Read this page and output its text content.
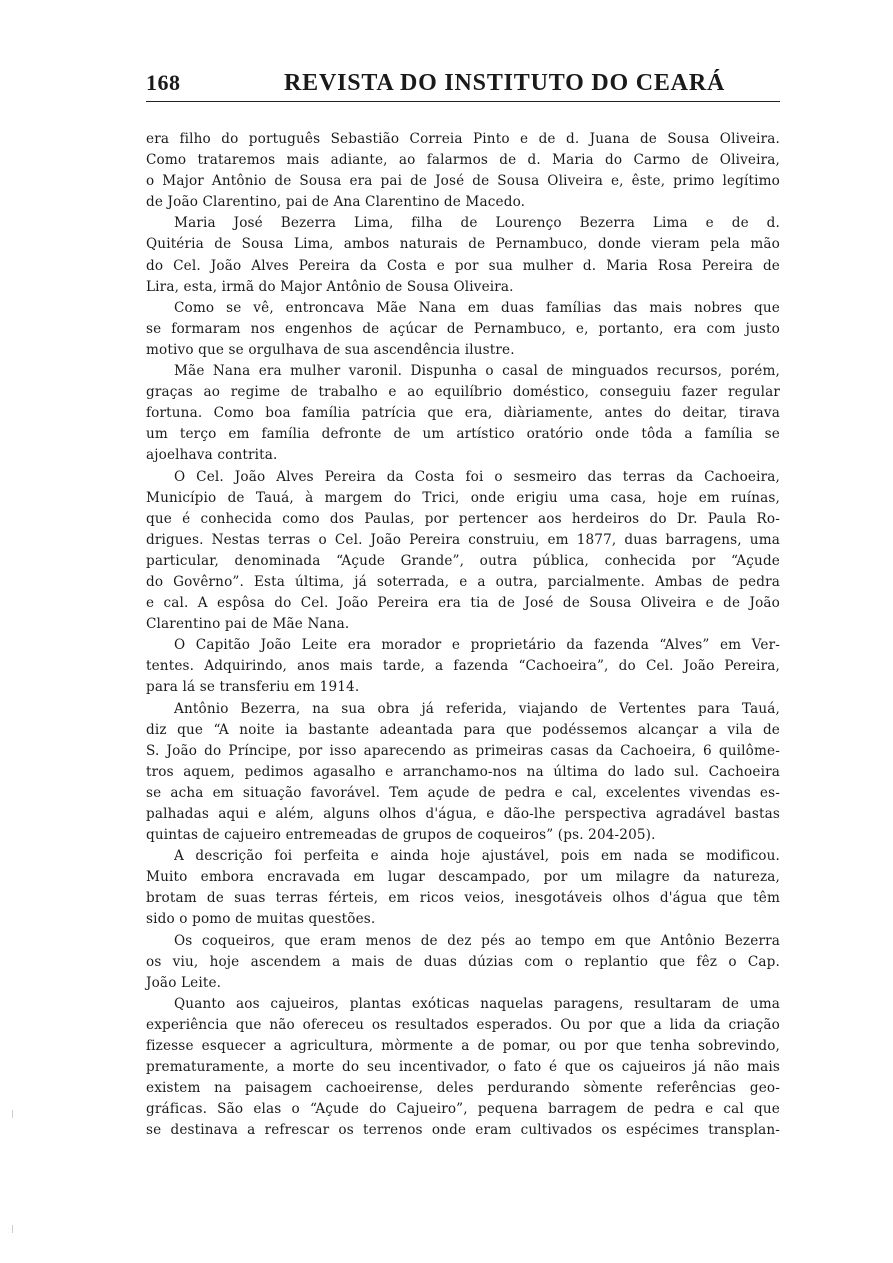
168	REVISTA DO INSTITUTO DO CEARÁ
era filho do português Sebastião Correia Pinto e de d. Juana de Sousa Oliveira.
Como trataremos mais adiante, ao falarmos de d. Maria do Carmo de Oliveira,
o Major Antônio de Sousa era pai de José de Sousa Oliveira e, êste, primo legítimo
de João Clarentino, pai de Ana Clarentino de Macedo.
Maria José Bezerra Lima, filha de Lourenço Bezerra Lima e de d.
Quitéria de Sousa Lima, ambos naturais de Pernambuco, donde vieram pela mão
do Cel. João Alves Pereira da Costa e por sua mulher d. Maria Rosa Pereira de
Lira, esta, irmã do Major Antônio de Sousa Oliveira.
Como se vê, entroncava Mãe Nana em duas famílias das mais nobres que
se formaram nos engenhos de açúcar de Pernambuco, e, portanto, era com justo
motivo que se orgulhava de sua ascendência ilustre.
Mãe Nana era mulher varonil. Dispunha o casal de minguados recursos, porém,
graças ao regime de trabalho e ao equilíbrio doméstico, conseguiu fazer regular
fortuna. Como boa família patrícia que era, diàriamente, antes do deitar, tirava
um terço em família defronte de um artístico oratório onde tôda a família se
ajoelhava contrita.
O Cel. João Alves Pereira da Costa foi o sesmeiro das terras da Cachoeira,
Município de Tauá, à margem do Trici, onde erigiu uma casa, hoje em ruínas,
que é conhecida como dos Paulas, por pertencer aos herdeiros do Dr. Paula Ro-
drigues. Nestas terras o Cel. João Pereira construiu, em 1877, duas barragens, uma
particular, denominada “Açude Grande”, outra pública, conhecida por “Açude
do Govêrno”. Esta última, já soterrada, e a outra, parcialmente. Ambas de pedra
e cal. A espôsa do Cel. João Pereira era tia de José de Sousa Oliveira e de João
Clarentino pai de Mãe Nana.
O Capitão João Leite era morador e proprietário da fazenda “Alves” em Ver-
tentes. Adquirindo, anos mais tarde, a fazenda “Cachoeira”, do Cel. João Pereira,
para lá se transferiu em 1914.
Antônio Bezerra, na sua obra já referida, viajando de Vertentes para Tauá,
diz que “A noite ia bastante adeantada para que podéssemos alcançar a vila de
S. João do Príncipe, por isso aparecendo as primeiras casas da Cachoeira, 6 quilôme-
tros aquem, pedimos agasalho e arranchamo-nos na última do lado sul. Cachoeira
se acha em situação favorável. Tem açude de pedra e cal, excelentes vivendas es-
palhadas aqui e além, alguns olhos d'água, e dão-lhe perspectiva agradável bastas
quintas de cajueiro entremeadas de grupos de coqueiros” (ps. 204-205).
A descrição foi perfeita e ainda hoje ajustável, pois em nada se modificou.
Muito embora encravada em lugar descampado, por um milagre da natureza,
brotam de suas terras férteis, em ricos veios, inesgotáveis olhos d'água que têm
sido o pomo de muitas questões.
Os coqueiros, que eram menos de dez pés ao tempo em que Antônio Bezerra
os viu, hoje ascendem a mais de duas dúzias com o replantio que fêz o Cap.
João Leite.
Quanto aos cajueiros, plantas exóticas naquelas paragens, resultaram de uma
experiência que não ofereceu os resultados esperados. Ou por que a lida da criação
fizesse esquecer a agricultura, mòrmente a de pomar, ou por que tenha sobrevindo,
prematuramente, a morte do seu incentivador, o fato é que os cajueiros já não mais
existem na paisagem cachoeirense, deles perdurando sòmente referências geo-
gráficas. São elas o “Açude do Cajueiro”, pequena barragem de pedra e cal que
se destinava a refrescar os terrenos onde eram cultivados os espécimes transplan-
